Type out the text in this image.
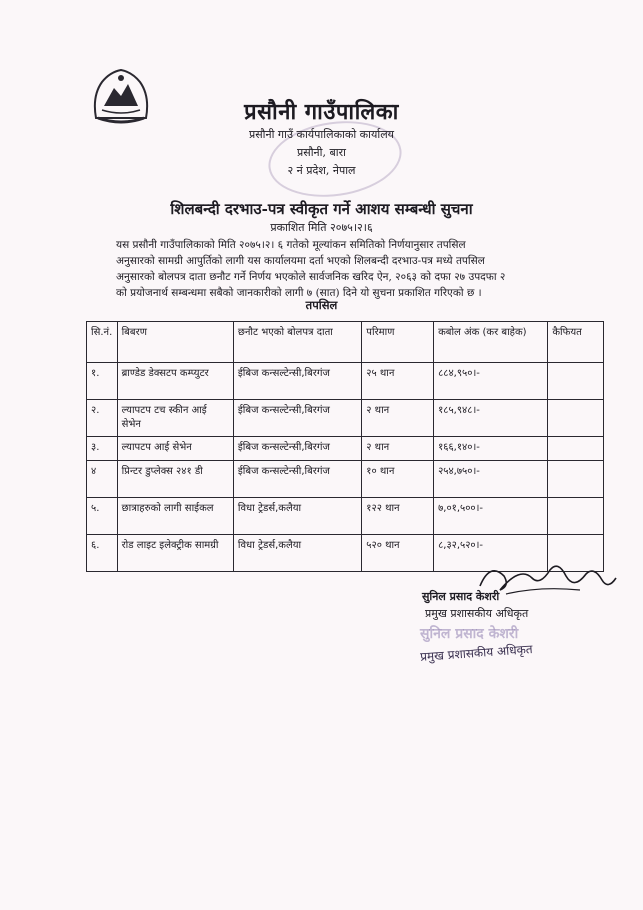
प्रसौनी गाउँपालिका
प्रसौनी गाउँ कार्यपालिकाको कार्यालय
प्रसौनी, बारा
२ नं प्रदेश, नेपाल
शिलबन्दी दरभाउ-पत्र स्वीकृत गर्ने आशय सम्बन्धी सुचना
प्रकाशित मिति २०७५।२।६
यस प्रसौनी गाउँपालिकाको मिति २०७५।२। ६ गतेको मूल्यांकन समितिको निर्णयानुसार तपसिल
अनुसारको सामग्री आपुर्तिको लागी यस कार्यालयमा दर्ता भएको शिलबन्दी दरभाउ-पत्र मध्ये तपसिल
अनुसारको बोलपत्र दाता छनौट गर्ने निर्णय भएकोले सार्वजनिक खरिद ऐन, २०६३ को दफा २७ उपदफा २
को प्रयोजनार्थ सम्बन्धमा सबैको जानकारीको लागी ७ (सात) दिने यो सुचना प्रकाशित गरिएको छ ।
तपसिल
सि.नं.	बिबरण	छनौट भएको बोलपत्र दाता	परिमाण	कबोल अंक (कर बाहेक)	कैफियत
१.	ब्राण्डेड डेक्सटप कम्प्युटर	ईबिज कन्सल्टेन्सी,बिरगंज	२५ थान	८८४,९५०।-	
२.	ल्यापटप टच स्कीन आई सेभेन	ईबिज कन्सल्टेन्सी,बिरगंज	२ थान	१८५,९४८।-	
३.	ल्यापटप आई सेभेन	ईबिज कन्सल्टेन्सी,बिरगंज	२ थान	१६६,१४०।-	
४	प्रिन्टर डुप्लेक्स २४१ डी	ईबिज कन्सल्टेन्सी,बिरगंज	१० थान	२५४,७५०।-	
५.	छात्राहरुको लागी साईकल	विधा ट्रेडर्स,कलैया	१२२ थान	७,०१,५००।-	
६.	रोड लाइट इलेक्ट्रीक सामग्री	विधा ट्रेडर्स,कलैया	५२० थान	८,३२,५२०।-	
सुनिल प्रसाद केशरी
प्रमुख प्रशासकीय अधिकृत
सुनिल प्रसाद केशरी
प्रमुख प्रशासकीय अधिकृत
